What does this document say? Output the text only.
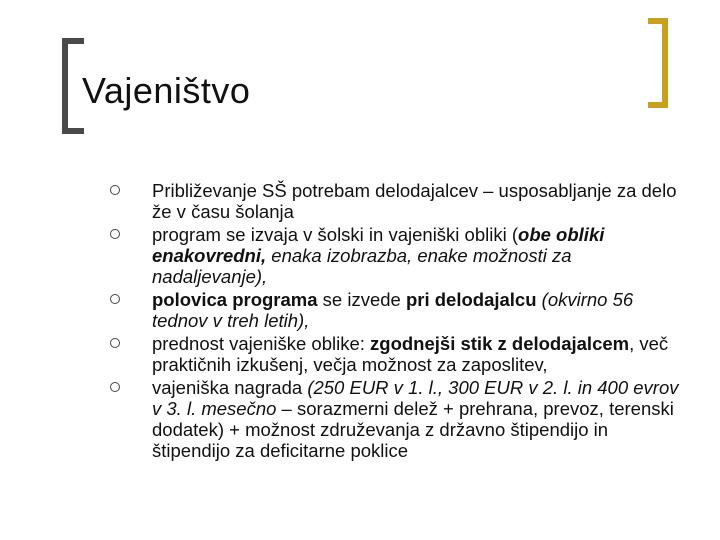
Vajeništvo
Približevanje SŠ potrebam delodajalcev – usposabljanje za delo že v času šolanja
program se izvaja v šolski in vajeniški obliki (obe obliki enakovredni, enaka izobrazba, enake možnosti za nadaljevanje),
polovica programa se izvede pri delodajalcu (okvirno 56 tednov v treh letih),
prednost vajeniške oblike: zgodnejši stik z delodajalcem, več praktičnih izkušenj, večja možnost za zaposlitev,
vajeniška nagrada (250 EUR v 1. l., 300 EUR v 2. l. in 400 evrov v 3. l. mesečno – sorazmerni delež + prehrana, prevoz, terenski dodatek) + možnost združevanja z državno štipendijo in štipendijo za deficitarne poklice
